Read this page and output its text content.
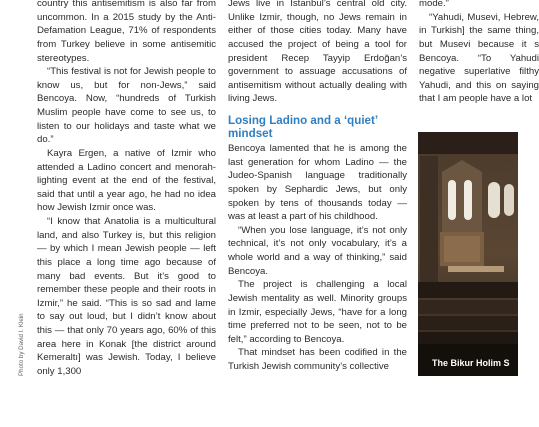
country this antisemitism is also far from uncommon. In a 2015 study by the Anti-Defamation League, 71% of respondents from Turkey believe in some antisemitic stereotypes.

“This festival is not for Jewish people to know us, but for non-Jews,” said Bencoya. Now, “hundreds of Turkish Muslim people have come to see us, to listen to our holidays and taste what we do.”

Kayra Ergen, a native of Izmir who attended a Ladino concert and menorah-lighting event at the end of the festival, said that until a year ago, he had no idea how Jewish Izmir once was.

“I know that Anatolia is a multicultural land, and also Turkey is, but this religion — by which I mean Jewish people — left this place a long time ago because of many bad events. But it’s good to remember these people and their roots in Izmir,” he said. “This is so sad and lame to say out loud, but I didn’t know about this — that only 70 years ago, 60% of this area here in Konak [the district around Kemeraltı] was Jewish. Today, I believe only 1,300

Jews live in Istanbul’s central old city. Unlike Izmir, though, no Jews remain in either of those cities today. Many have accused the project of being a tool for president Recep Tayyip Erdoğan’s government to assuage accusations of antisemitism without actually dealing with living Jews.

Losing Ladino and a ‘quiet’ mindset

Bencoya lamented that he is among the last generation for whom Ladino — the Judeo-Spanish language traditionally spoken by Sephardic Jews, but only spoken by tens of thousands today — was at least a part of his childhood.

“When you lose language, it’s not only technical, it’s not only vocabulary, it’s a whole world and a way of thinking,” said Bencoya.

The project is challenging a local Jewish mentality as well. Minority groups in Izmir, especially Jews, “have for a long time preferred not to be seen, not to be felt,” according to Bencoya.

That mindset has been codified in the Turkish Jewish community’s collective

mode.”

“Yahudi, Musevi, Hebrew, in Turkish] the same thing, but Musevi because it s Bencoya. “To Yahudi negative superlative filthy Yahudi, and this on saying that I am people have a lot

Photo by David I. Klein	The Bikur Holim S
